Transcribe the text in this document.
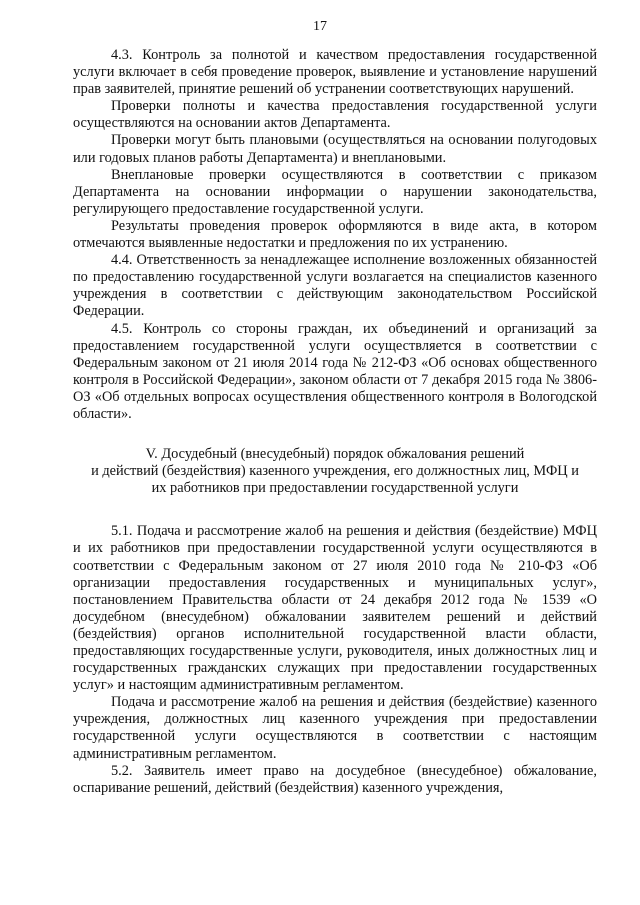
17

4.3. Контроль за полнотой и качеством предоставления государственной услуги включает в себя проведение проверок, выявление и установление нарушений прав заявителей, принятие решений об устранении соответствующих нарушений.

Проверки полноты и качества предоставления государственной услуги осуществляются на основании актов Департамента.

Проверки могут быть плановыми (осуществляться на основании полугодовых или годовых планов работы Департамента) и внеплановыми.

Внеплановые проверки осуществляются в соответствии с приказом Департамента на основании информации о нарушении законодательства, регулирующего предоставление государственной услуги.

Результаты проведения проверок оформляются в виде акта, в котором отмечаются выявленные недостатки и предложения по их устранению.

4.4. Ответственность за ненадлежащее исполнение возложенных обязанностей по предоставлению государственной услуги возлагается на специалистов казенного учреждения в соответствии с действующим законодательством Российской Федерации.

4.5. Контроль со стороны граждан, их объединений и организаций за предоставлением государственной услуги осуществляется в соответствии с Федеральным законом от 21 июля 2014 года № 212-ФЗ «Об основах общественного контроля в Российской Федерации», законом области от 7 декабря 2015 года № 3806-ОЗ «Об отдельных вопросах осуществления общественного контроля в Вологодской области».

V. Досудебный (внесудебный) порядок обжалования решений
и действий (бездействия) казенного учреждения, его должностных лиц, МФЦ и
их работников при предоставлении государственной услуги

5.1. Подача и рассмотрение жалоб на решения и действия (бездействие) МФЦ и их работников при предоставлении государственной услуги осуществляются в соответствии с Федеральным законом от 27 июля 2010 года № 210-ФЗ «Об организации предоставления государственных и муниципальных услуг», постановлением Правительства области от 24 декабря 2012 года № 1539 «О досудебном (внесудебном) обжаловании заявителем решений и действий (бездействия) органов исполнительной государственной власти области, предоставляющих государственные услуги, руководителя, иных должностных лиц и государственных гражданских служащих при предоставлении государственных услуг» и настоящим административным регламентом.

Подача и рассмотрение жалоб на решения и действия (бездействие) казенного учреждения, должностных лиц казенного учреждения при предоставлении государственной услуги осуществляются в соответствии с настоящим административным регламентом.

5.2. Заявитель имеет право на досудебное (внесудебное) обжалование, оспаривание решений, действий (бездействия) казенного учреждения,
